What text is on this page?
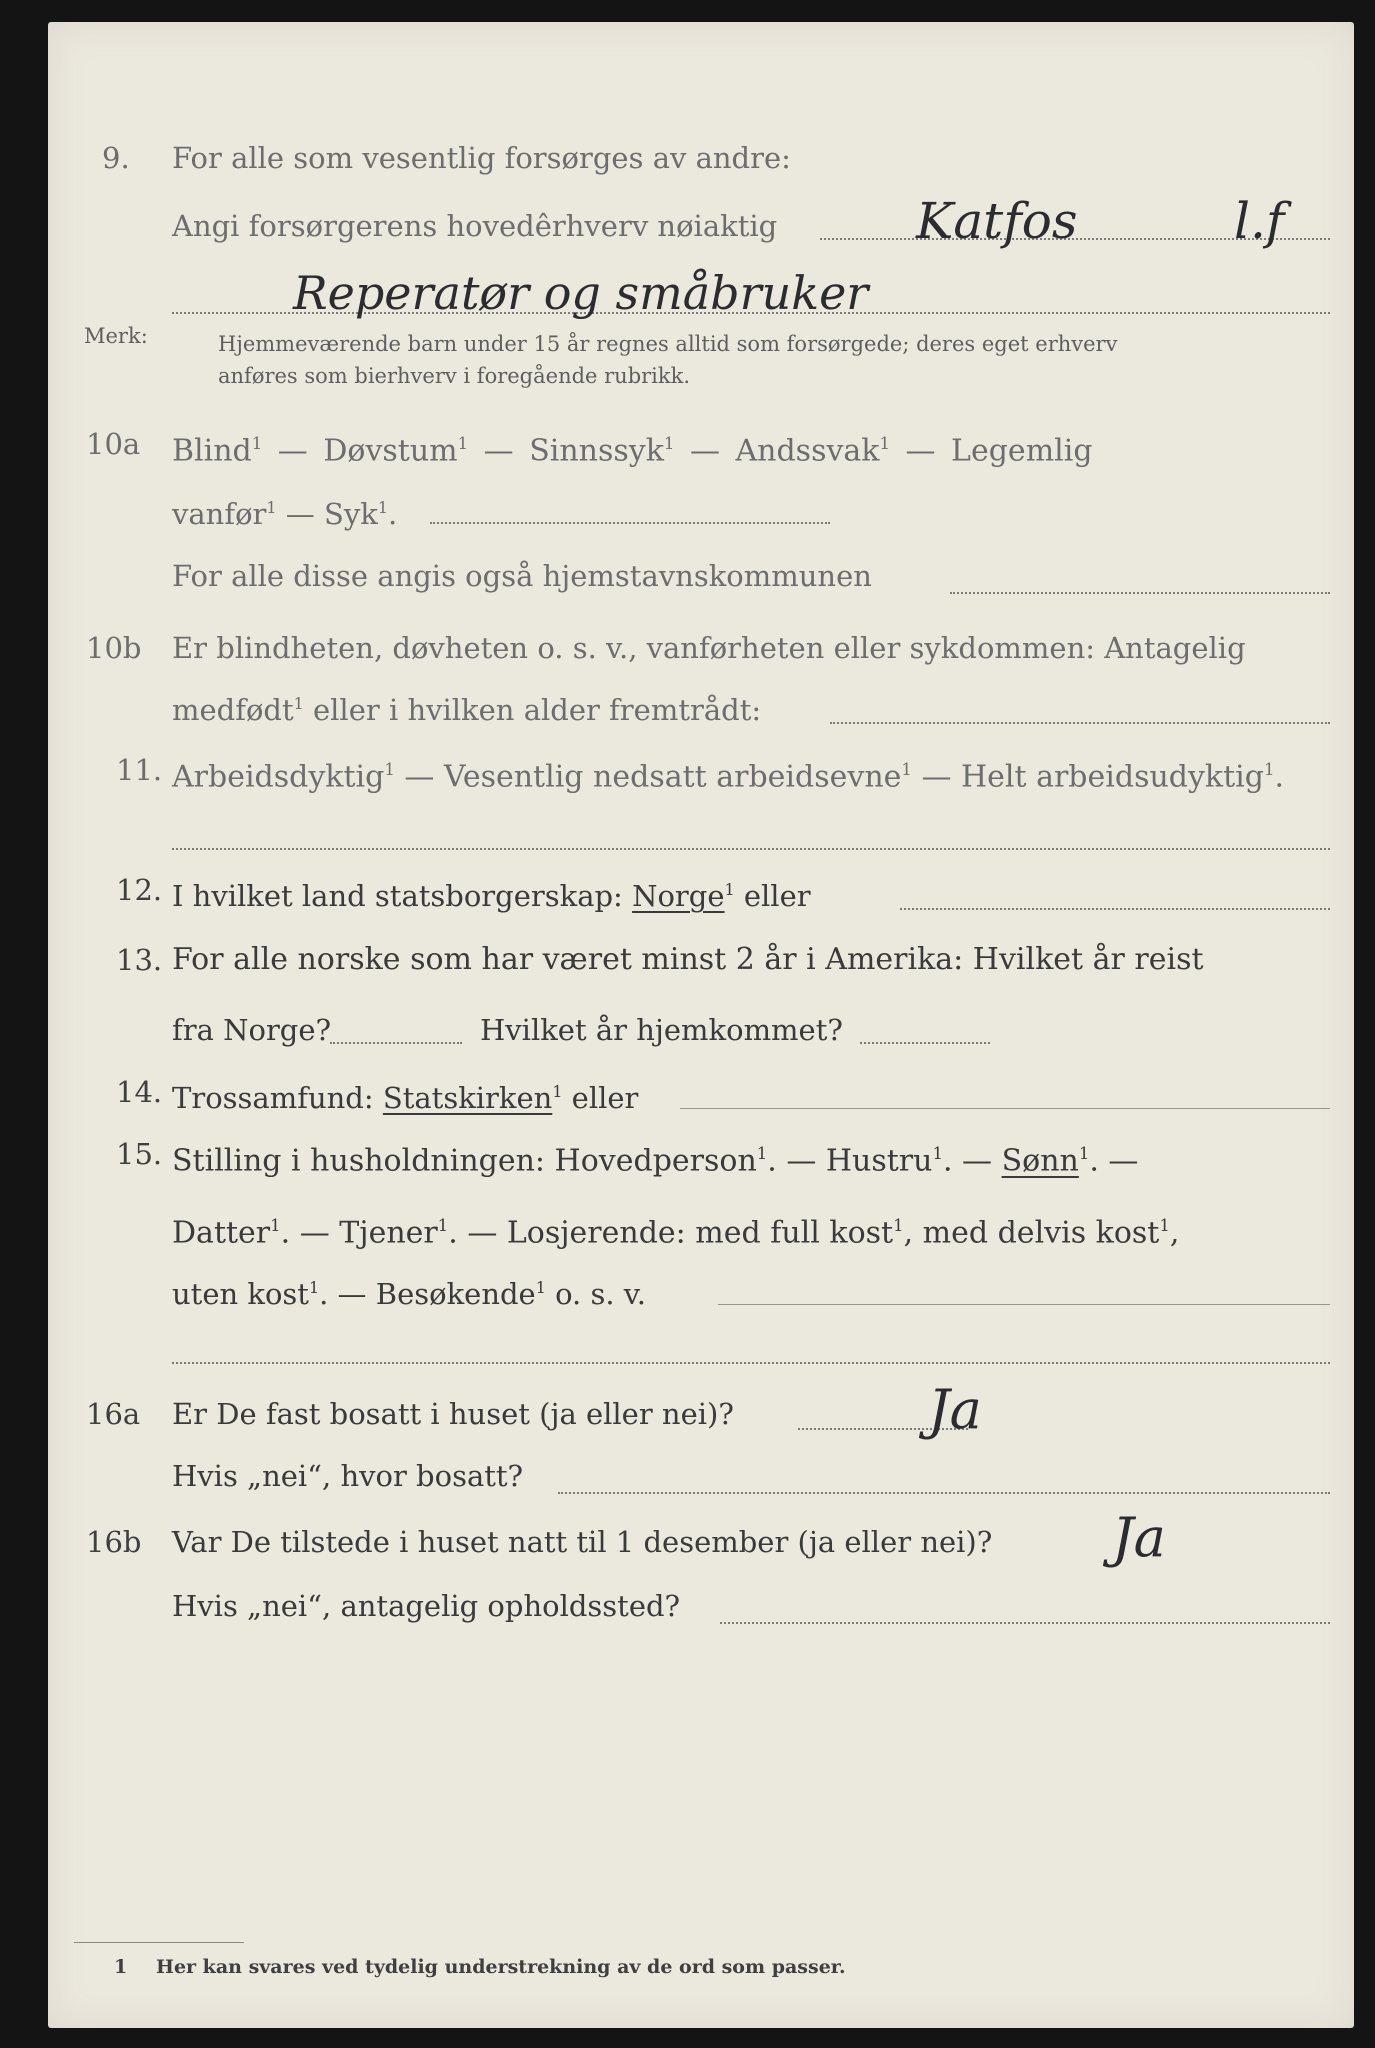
9. For alle som vesentlig forsørges av andre:
Angi forsørgerens hovedêrhverv nøiaktig	Katfos	l.f
Reperatør og småbruker
Merk:	Hjemmeværende barn under 15 år regnes alltid som forsørgede; deres eget erhverv
anføres som bierhverv i foregående rubrikk.
10a Blind$^1$ — Døvstum$^1$ — Sinnssyk$^1$ — Andssvak$^1$ — Legemlig
vanfør$^1$ — Syk$^1$.
For alle disse angis også hjemstavnskommunen
10b Er blindheten, døvheten o. s. v., vanførheten eller sykdommen: Antagelig
medfødt$^1$ eller i hvilken alder fremtrådt:
11. Arbeidsdyktig$^1$ — Vesentlig nedsatt arbeidsevne$^1$ — Helt arbeidsudyktig$^1$.
12. I hvilket land statsborgerskap: Norge$^1$ eller
13. For alle norske som har været minst 2 år i Amerika: Hvilket år reist
fra Norge?	Hvilket år hjemkommet?
14. Trossamfund: Statskirken$^1$ eller
15. Stilling i husholdningen: Hovedperson$^1$. — Hustru$^1$. — Sønn$^1$. —
Datter$^1$. — Tjener$^1$. — Losjerende: med full kost$^1$, med delvis kost$^1$,
uten kost$^1$. — Besøkende$^1$ o. s. v.
16a Er De fast bosatt i huset (ja eller nei)?	Ja
Hvis „nei“, hvor bosatt?
16b Var De tilstede i huset natt til 1 desember (ja eller nei)? Ja
Hvis „nei“, antagelig opholdssted?
1 Her kan svares ved tydelig understrekning av de ord som passer.
